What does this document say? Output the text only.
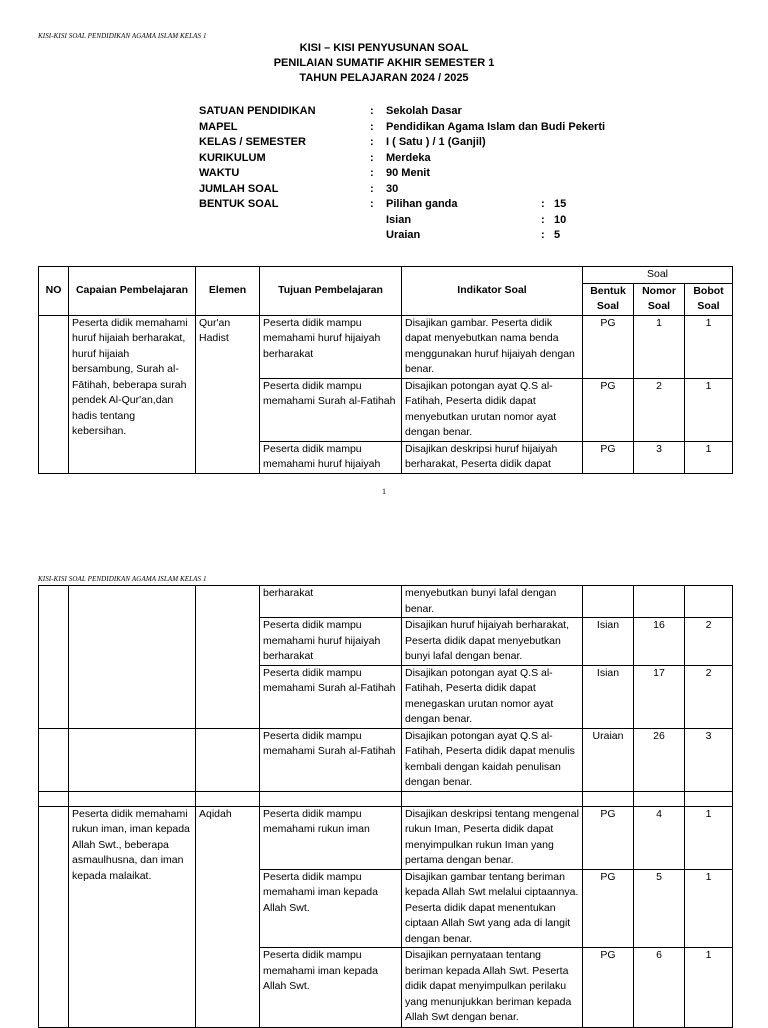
KISI-KISI SOAL PENDIDIKAN AGAMA ISLAM KELAS 1
KISI – KISI PENYUSUNAN SOAL
PENILAIAN SUMATIF AKHIR SEMESTER 1
TAHUN PELAJARAN 2024 / 2025
SATUAN PENDIDIKAN	: Sekolah Dasar
MAPEL	: Pendidikan Agama Islam dan Budi Pekerti
KELAS / SEMESTER	: I ( Satu ) / 1 (Ganjil)
KURIKULUM	: Merdeka
WAKTU	: 90 Menit
JUMLAH SOAL	: 30
BENTUK SOAL	: Pilihan ganda	: 15
Isian	: 10
Uraian	: 5
NO	Capaian Pembelajaran	Elemen	Tujuan Pembelajaran	Indikator Soal	Soal		
					Bentuk Soal	Nomor Soal	Bobot Soal
	Peserta didik memahami huruf hijaiah berharakat, huruf hijaiah bersambung, Surah al-Fātihah, beberapa surah pendek Al-Qur'an,dan hadis tentang kebersihan.	Qur'an Hadist	Peserta didik mampu memahami huruf hijaiyah berharakat	Disajikan gambar. Peserta didik dapat menyebutkan nama benda menggunakan huruf hijaiyah dengan benar.	PG	1	1
			Peserta didik mampu memahami Surah al-Fatihah	Disajikan potongan ayat Q.S al-Fatihah, Peserta didik dapat menyebutkan urutan nomor ayat dengan benar.	PG	2	1
			Peserta didik mampu memahami huruf hijaiyah	Disajikan deskripsi huruf hijaiyah berharakat, Peserta didik dapat	PG	3	1
1
KISI-KISI SOAL PENDIDIKAN AGAMA ISLAM KELAS 1
			berharakat	menyebutkan bunyi lafal dengan benar.			
			Peserta didik mampu memahami huruf hijaiyah berharakat	Disajikan huruf hijaiyah berharakat, Peserta didik dapat menyebutkan bunyi lafal dengan benar.	Isian	16	2
			Peserta didik mampu memahami Surah al-Fatihah	Disajikan potongan ayat Q.S al-Fatihah, Peserta didik dapat menegaskan urutan nomor ayat dengan benar.	Isian	17	2
			Peserta didik mampu memahami Surah al-Fatihah	Disajikan potongan ayat Q.S al-Fatihah, Peserta didik dapat menulis kembali dengan kaidah penulisan dengan benar.	Uraian	26	3

	Peserta didik memahami rukun iman, iman kepada Allah Swt., beberapa asmaulhusna, dan iman kepada malaikat.	Aqidah	Peserta didik mampu memahami rukun iman	Disajikan deskripsi tentang mengenal rukun Iman, Peserta didik dapat menyimpulkan rukun Iman yang pertama dengan benar.	PG	4	1
			Peserta didik mampu memahami iman kepada Allah Swt.	Disajikan gambar tentang beriman kepada Allah Swt melalui ciptaannya. Peserta didik dapat menentukan ciptaan Allah Swt yang ada di langit dengan benar.	PG	5	1
			Peserta didik mampu memahami iman kepada Allah Swt.	Disajikan pernyataan tentang beriman kepada Allah Swt. Peserta didik dapat menyimpulkan perilaku yang menunjukkan beriman kepada Allah Swt dengan benar.	PG	6	1
